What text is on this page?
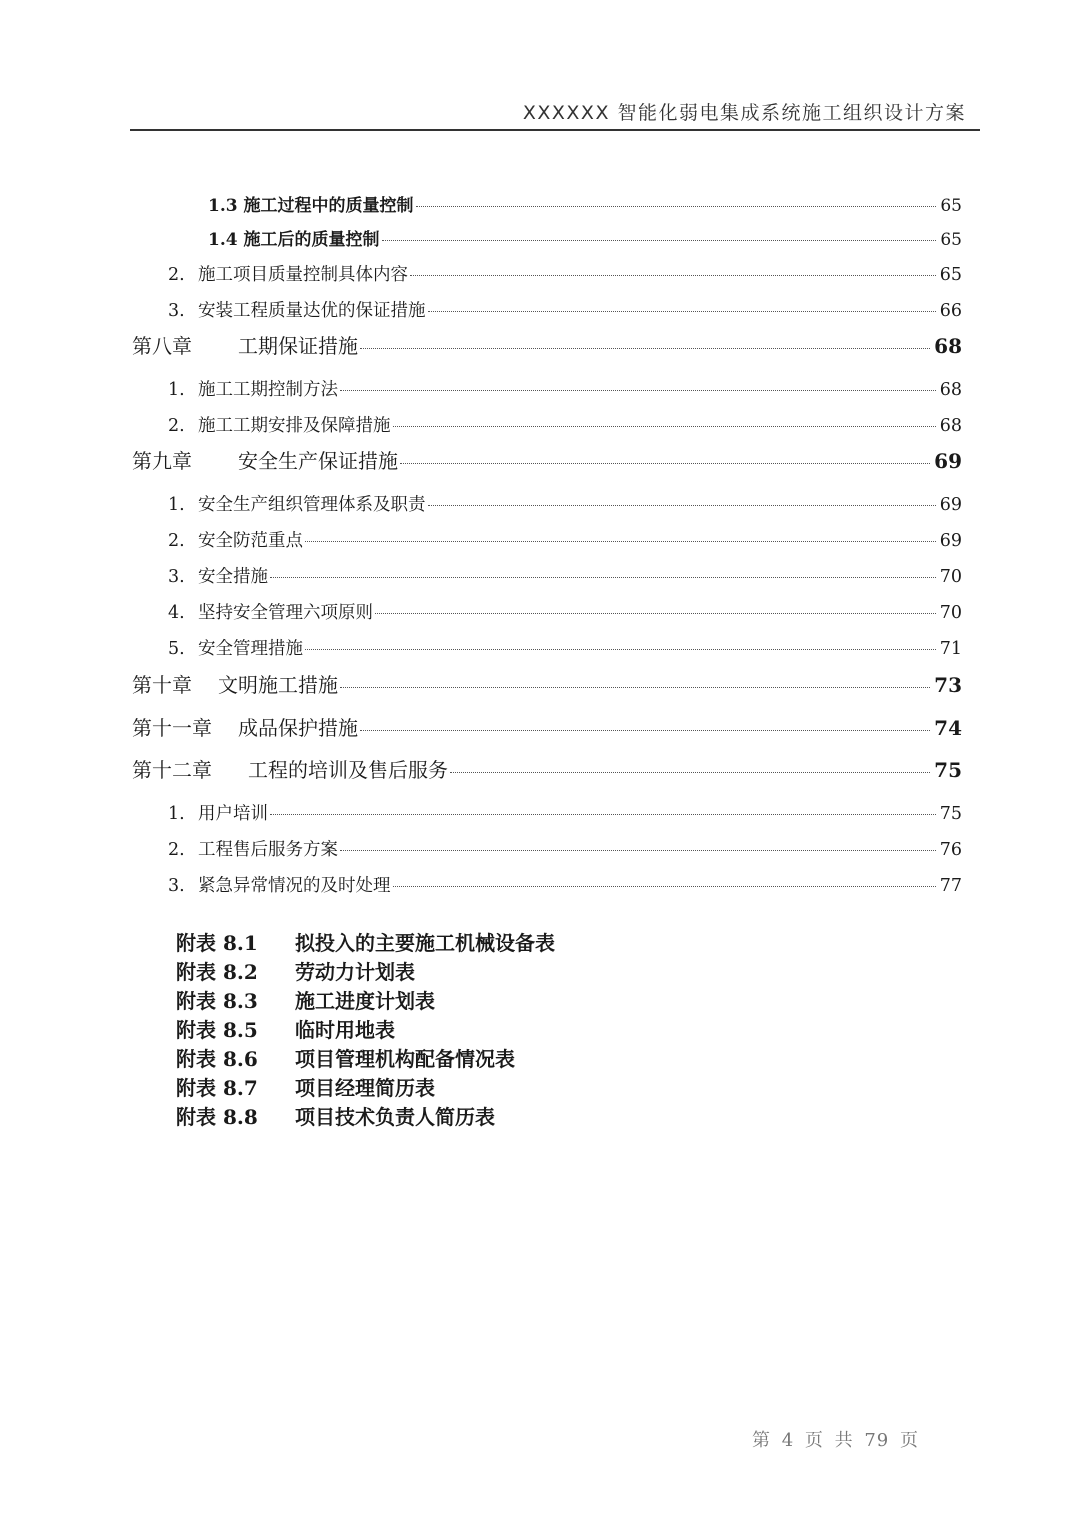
XXXXXX 智能化弱电集成系统施工组织设计方案
1.3 施工过程中的质量控制	65
1.4 施工后的质量控制	65
2. 施工项目质量控制具体内容	65
3. 安装工程质量达优的保证措施	66
第八章 工期保证措施	68
1. 施工工期控制方法	68
2. 施工工期安排及保障措施	68
第九章 安全生产保证措施	69
1. 安全生产组织管理体系及职责	69
2. 安全防范重点	69
3. 安全措施	70
4. 坚持安全管理六项原则	70
5. 安全管理措施	71
第十章 文明施工措施	73
第十一章 成品保护措施	74
第十二章 工程的培训及售后服务	75
1. 用户培训	75
2. 工程售后服务方案	76
3. 紧急异常情况的及时处理	77
附表 8.1 拟投入的主要施工机械设备表
附表 8.2 劳动力计划表
附表 8.3 施工进度计划表
附表 8.5 临时用地表
附表 8.6 项目管理机构配备情况表
附表 8.7 项目经理简历表
附表 8.8 项目技术负责人简历表
第 4 页 共 79 页
